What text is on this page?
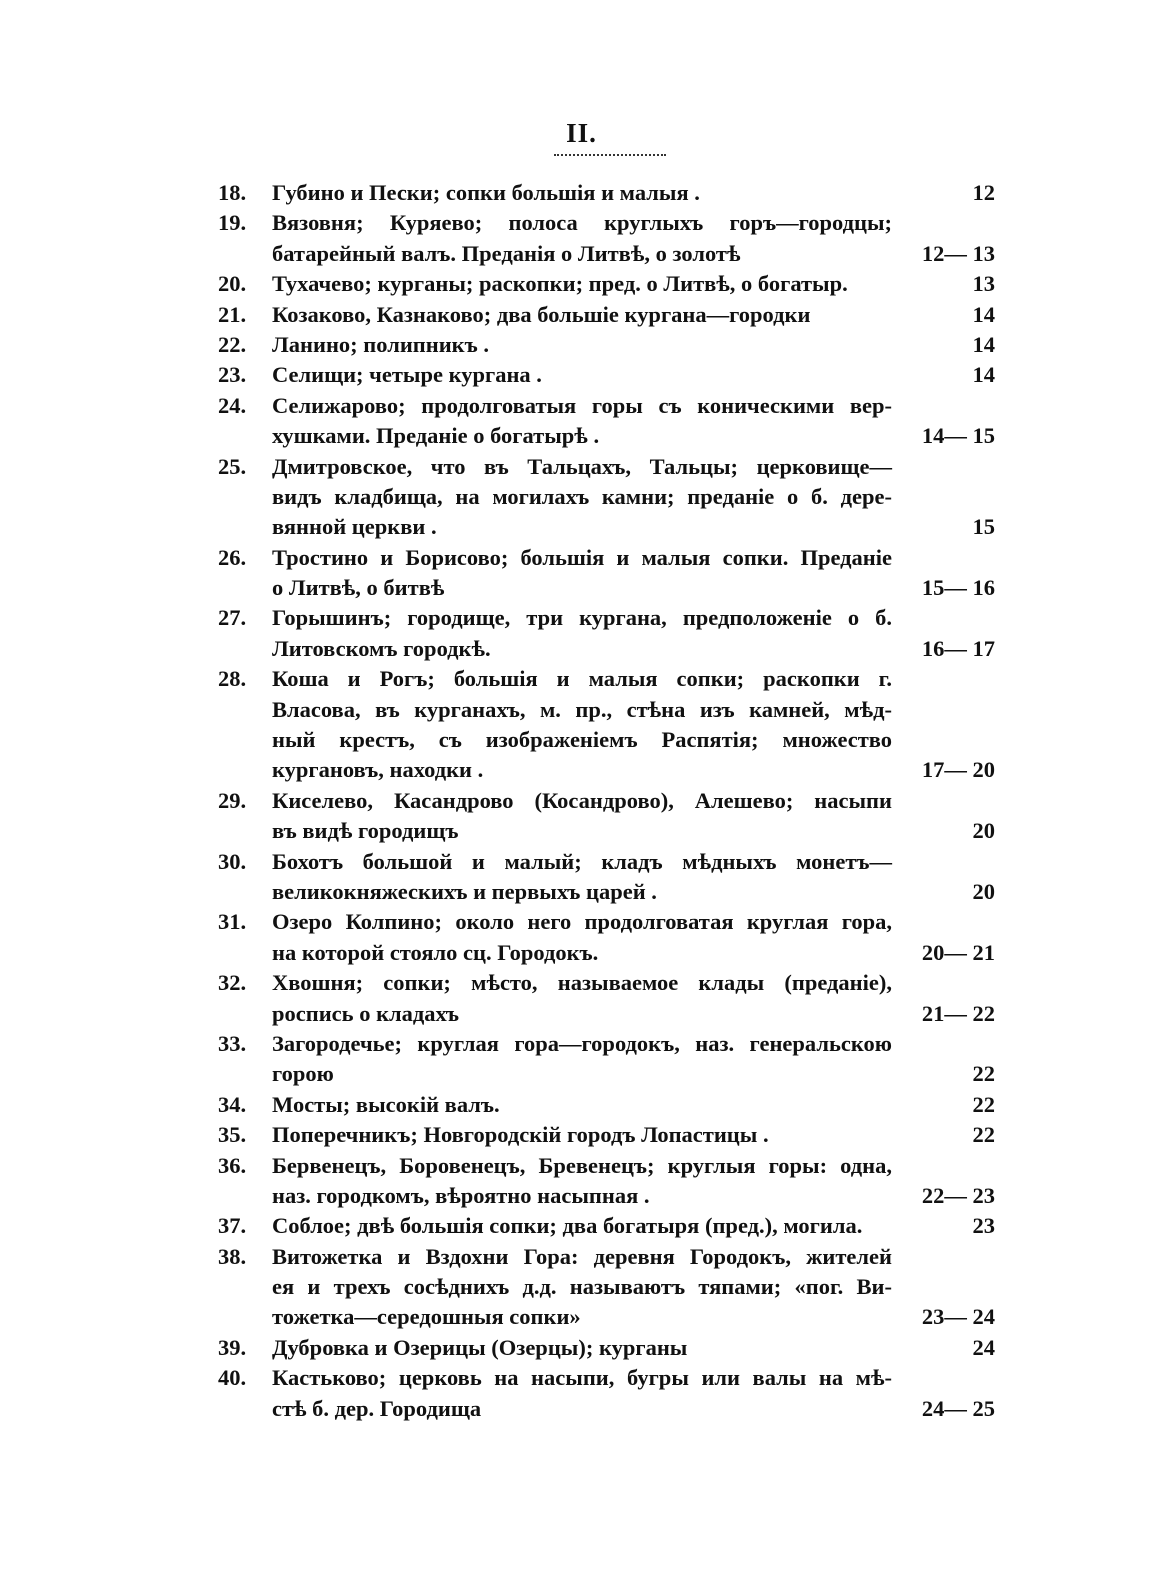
II.
18.	Губино и Пески; сопки большія и малыя .	12
19.	Вязовня; Куряево; полоса круглыхъ горъ—городцы;
батарейный валъ. Преданія о Литвѣ, о золотѣ	12— 13
20.	Тухачево; курганы; раскопки; пред. о Литвѣ, о богатыр.	13
21.	Козаково, Казнаково; два большіе кургана—городки	14
22.	Ланино; полипникъ .	14
23.	Селищи; четыре кургана .	14
24.	Селижарово; продолговатыя горы съ коническими вер-
хушками. Преданіе о богатырѣ .	14— 15
25.	Дмитровское, что въ Тальцахъ, Тальцы; церковище—
видъ кладбища, на могилахъ камни; преданіе о б. дере-
вянной церкви .	15
26.	Тростино и Борисово; большія и малыя сопки. Преданіе
о Литвѣ, о битвѣ	15— 16
27.	Горышинъ; городище, три кургана, предположеніе о б.
Литовскомъ городкѣ.	16— 17
28.	Коша и Рогъ; большія и малыя сопки; раскопки г.
Власова, въ курганахъ, м. пр., стѣна изъ камней, мѣд-
ный крестъ, съ изображеніемъ Распятія; множество
кургановъ, находки .	17— 20
29.	Киселево, Касандрово (Косандрово), Алешево; насыпи
въ видѣ городищъ	20
30.	Бохотъ большой и малый; кладъ мѣдныхъ монетъ—
великокняжескихъ и первыхъ царей .	20
31.	Озеро Колпино; около него продолговатая круглая гора,
на которой стояло сц. Городокъ.	20— 21
32.	Хвошня; сопки; мѣсто, называемое клады (преданіе),
роспись о кладахъ	21— 22
33.	Загородечье; круглая гора—городокъ, наз. генеральскою
горою	22
34.	Мосты; высокій валъ.	22
35.	Поперечникъ; Новгородскій городъ Лопастицы .	22
36.	Бервенецъ, Боровенецъ, Бревенецъ; круглыя горы: одна,
наз. городкомъ, вѣроятно насыпная .	22— 23
37.	Соблое; двѣ большія сопки; два богатыря (пред.), могила.	23
38.	Витожетка и Вздохни Гора: деревня Городокъ, жителей
ея и трехъ сосѣднихъ д.д. называютъ тяпами; «пог. Ви-
тожетка—середошныя сопки»	23— 24
39.	Дубровка и Озерицы (Озерцы); курганы	24
40.	Кастьково; церковь на насыпи, бугры или валы на мѣ-
стѣ б. дер. Городища	24— 25
